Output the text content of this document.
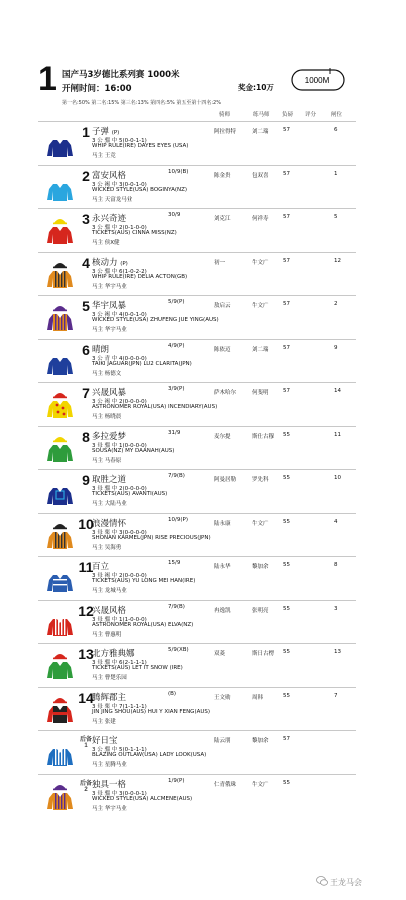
1 国产马3岁德比系列赛 1000米
开闸时间：16:00	奖金:10万
1000M
第一名:50% 第二名:15% 第三名:13% 第四名:5% 第五至第十四名:2%
骑师	练马师 负磅 评分	闸位
1 子弹 (P)
3 公 骝 中 5(0-0-1-1)
WHIP RULE(IRE) DAYES EYES (USA)
马主 王竞
阿拉得特	刘二瑞	57	6
2 富安风格	10/9(B)
3 公 褐 中 3(0-0-1-0)
WICKED STYLE(USA) BOGINYA(NZ)
马主 天富龙马业
陈金贵	包双喜	57	1
3 永兴奇迹	30/9
3 公 骝 中 2(0-1-0-0)
TICKETS(AUS) CINNA MISS(NZ)
马主 侯X健
刘克江	何祥寿	57	5
4 核动力 (P)
3 公 骝 中 6(1-0-2-2)
WHIP RULE(IRE) DELIA ACTON(GB)
马主 华宇马业
初一	牛文广	57	12
5 华宇凤暴	5/9(P)
3 公 褐 中 4(0-0-1-0)
WICKED STYLE(USA) ZHUFENG JUE YING(AUS)
马主 华宇马业
敖启云	牛文广	57	2
6 晴朗	4/9(P)
3 公 青 中 4(0-0-0-0)
TAIKI JAGUAR(JPN) LU2 CLARITA(JPN)
马主 杨德文
陈依迈	刘二瑞	57	9
7 兴晟风暴	3/9(P)
3 公 褐 中 2(0-0-0-0)
ASTRONOMER ROYAL(USA) INCENDIARY(AUS)
马主 杨晓晨
萨木哈尔	何斐明	57	14
8 多拉爱梦	31/9
3 母 骝 中 1(0-0-0-0)
SOUSA(NZ) MY DAANAH(AUS)
马主 马春原
麦尔提	斯仕古穆 55	11
9 取胜之道	7/9(B)
3 母 骝 中 2(0-0-0-0)
TICKETS(AUS) AVANTI(AUS)
马主 大陆马业
阿曼居勒	罗先科	55	10
10
浪漫情怀	10/9(P)
3 母 栗 中 3(0-0-0-0)
SHONAN KARMEL(JPN) RISE PRECIOUS(JPN)
马主 吴海勇
陆永康	牛文广	55	4
11
百立	15/9
3 母 褐 中 2(0-0-0-0)
TICKETS(AUS) YU LONG MEI HAN(IRE)
马主 龙城马业
陆永华	黎加余	55	8
12
兴晟风格	7/9(B)
3 母 骝 中 1(1-0-0-0)
ASTRONOMER ROYAL(USA) ELVA(NZ)
马主 曹惠明
冉逸凯	张明亮	55	3
13
北方雅典娜	5/9(XB)
3 母 骝 中 6(2-1-1-1)
TICKETS(AUS) LET IT SNOW (IRE)
马主 曹楚乐园
双菱	斯日古楞 55	13
14
腾辉郡主	(B)
3 母 栗 中 7(1-1-1-1)
JIN JING SHOU(AUS) HUI Y XIAN FENG(AUS)
马主 张建
王文勋	周韩	55	7
后备1
好日宝
3 公 骝 中 5(0-1-1-1)
BLAZING OUTLAW(USA) LADY LOOK(USA)
马主 星腾马业
陆云朋	黎加余	57
后备2
独具一格	1/9(P)
3 母 骝 中 3(0-0-0-1)
WICKED STYLE(USA) ALCMENE(AUS)
马主 华宇马业
仁青俄珠	牛文广	55
王龙马会
